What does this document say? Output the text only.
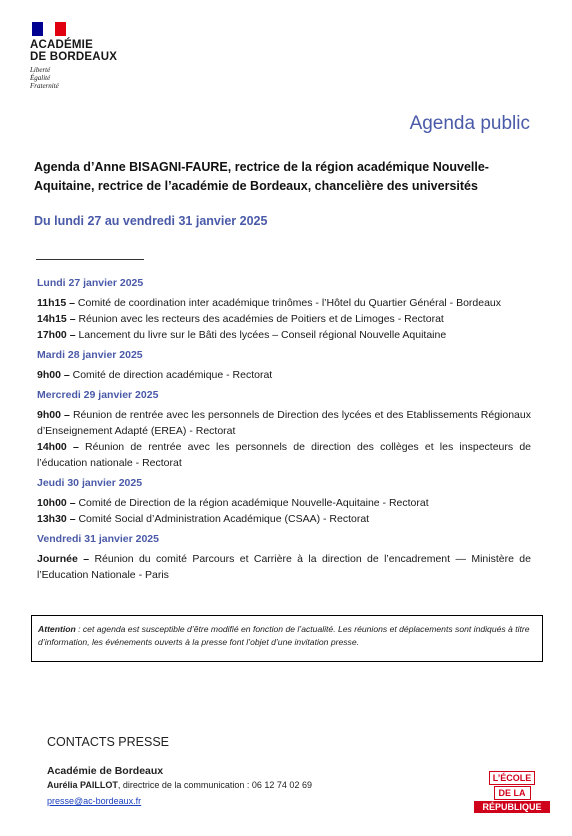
ACADÉMIE
DE BORDEAUX
Liberté
Égalité
Fraternité
Agenda public
Agenda d’Anne BISAGNI-FAURE, rectrice de la région académique Nouvelle-Aquitaine, rectrice de l’académie de Bordeaux, chancelière des universités
Du lundi 27 au vendredi 31 janvier 2025
Lundi 27 janvier 2025
11h15 – Comité de coordination inter académique trinômes - l’Hôtel du Quartier Général - Bordeaux
14h15 – Réunion avec les recteurs des académies de Poitiers et de Limoges - Rectorat
17h00 – Lancement du livre sur le Bâti des lycées – Conseil régional Nouvelle Aquitaine
Mardi 28 janvier 2025
9h00 – Comité de direction académique - Rectorat
Mercredi 29 janvier 2025
9h00 – Réunion de rentrée avec les personnels de Direction des lycées et des Etablissements Régionaux d’Enseignement Adapté (EREA) - Rectorat
14h00 – Réunion de rentrée avec les personnels de direction des collèges et les inspecteurs de l’éducation nationale - Rectorat
Jeudi 30 janvier 2025
10h00 – Comité de Direction de la région académique Nouvelle-Aquitaine - Rectorat
13h30 – Comité Social d’Administration Académique (CSAA) - Rectorat
Vendredi 31 janvier 2025
Journée – Réunion du comité Parcours et Carrière à la direction de l’encadrement — Ministère de l’Education Nationale - Paris
Attention : cet agenda est susceptible d’être modifié en fonction de l’actualité. Les réunions et déplacements sont indiqués à titre d’information, les événements ouverts à la presse font l’objet d’une invitation presse.
CONTACTS PRESSE
Académie de Bordeaux
Aurélia PAILLOT, directrice de la communication : 06 12 74 02 69
presse@ac-bordeaux.fr
L’ÉCOLE
DE LA
RÉPUBLIQUE
